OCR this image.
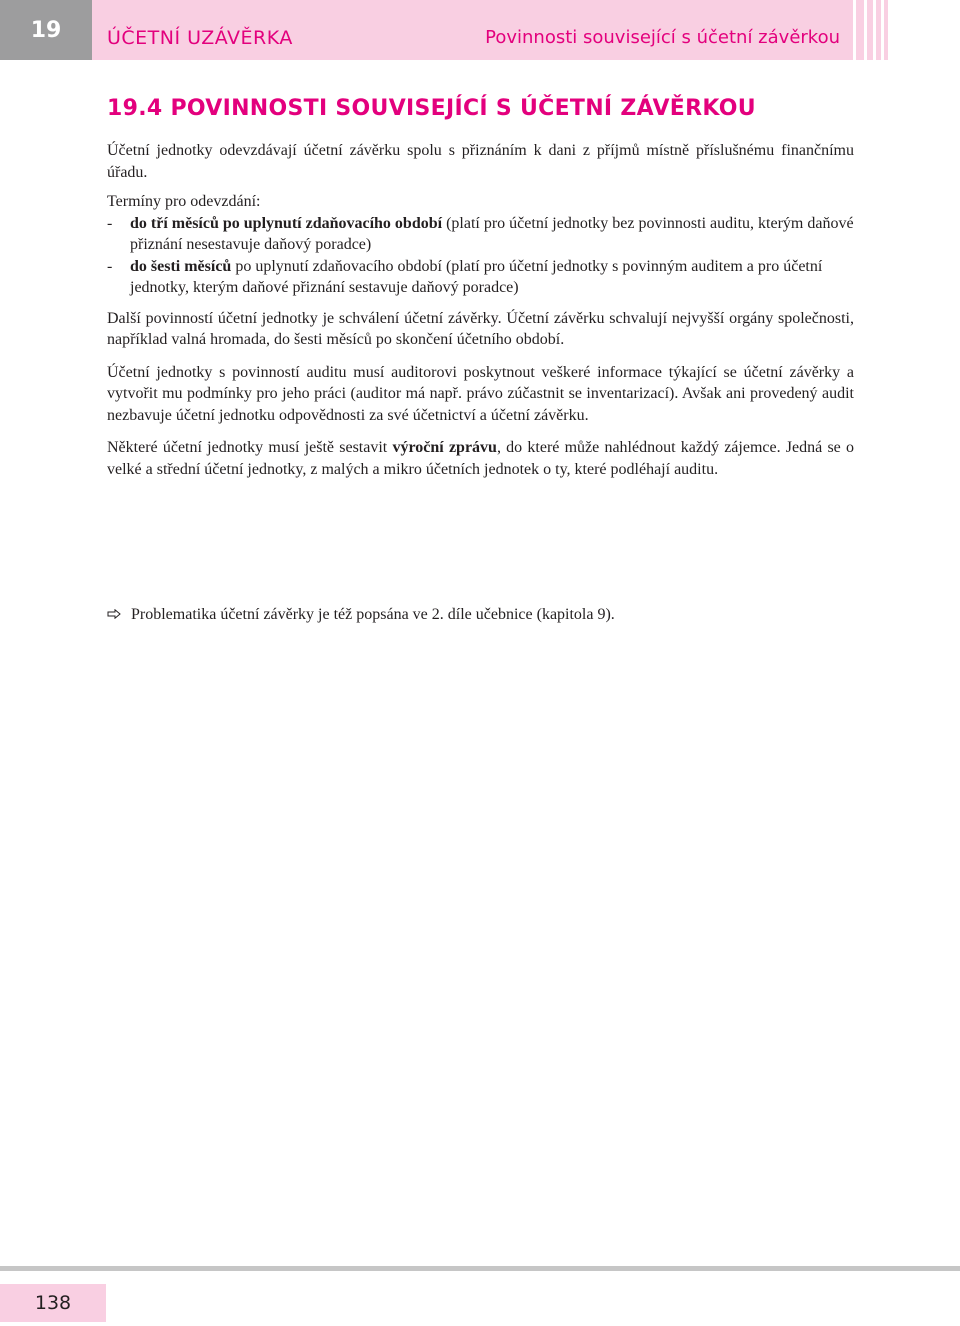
19	ÚČETNÍ UZÁVĚRKA	Povinnosti související s účetní závěrkou
19.4 POVINNOSTI SOUVISEJÍCÍ S ÚČETNÍ ZÁVĚRKOU

Účetní jednotky odevzdávají účetní závěrku spolu s přiznáním k dani z příjmů místně příslušnému finančnímu úřadu.

Termíny pro odevzdání:

- do tří měsíců po uplynutí zdaňovacího období (platí pro účetní jednotky bez povinnosti auditu, kterým daňové přiznání nesestavuje daňový poradce)
- do šesti měsíců po uplynutí zdaňovacího období (platí pro účetní jednotky s povinným auditem a pro účetní jednotky, kterým daňové přiznání sestavuje daňový poradce)

Další povinností účetní jednotky je schválení účetní závěrky. Účetní závěrku schvalují nejvyšší orgány společnosti, například valná hromada, do šesti měsíců po skončení účetního období.

Účetní jednotky s povinností auditu musí auditorovi poskytnout veškeré informace týkající se účetní závěrky a vytvořit mu podmínky pro jeho práci (auditor má např. právo zúčastnit se inventarizací). Avšak ani provedený audit nezbavuje účetní jednotku odpovědnosti za své účetnictví a účetní závěrku.

Některé účetní jednotky musí ještě sestavit výroční zprávu, do které může nahlédnout každý zájemce. Jedná se o velké a střední účetní jednotky, z malých a mikro účetních jednotek o ty, které podléhají auditu.

Problematika účetní závěrky je též popsána ve 2. díle učebnice (kapitola 9).
138
